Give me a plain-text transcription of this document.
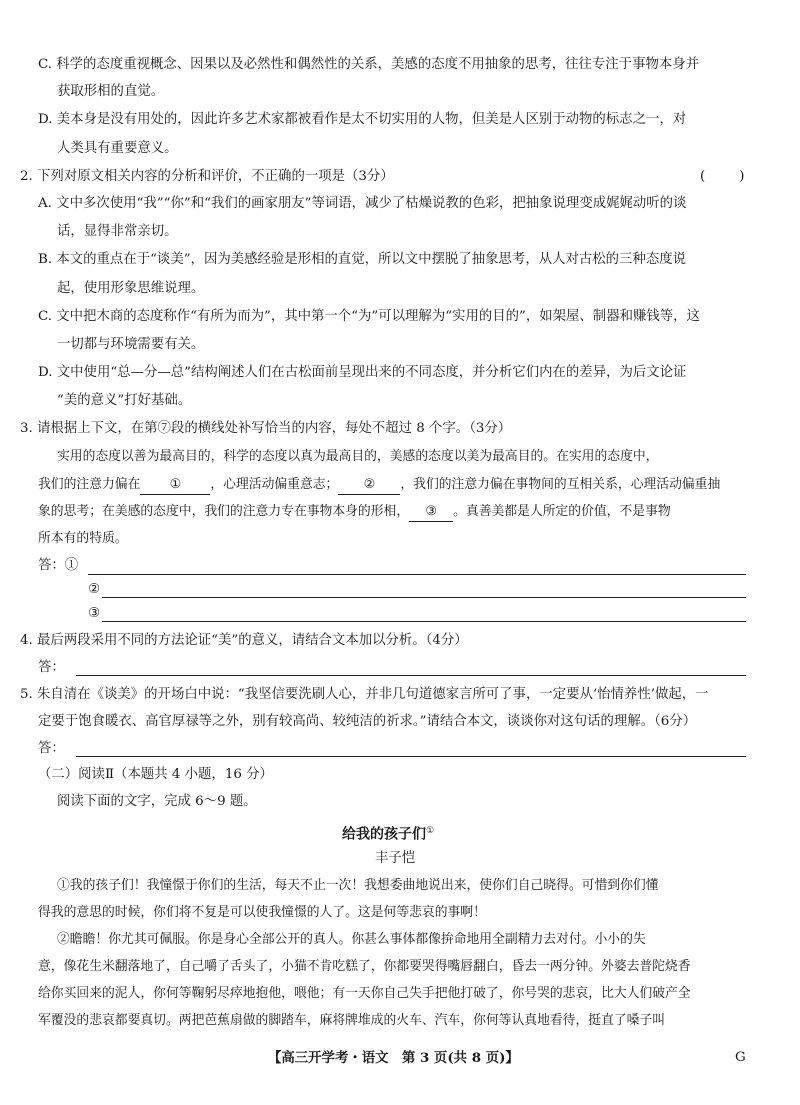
C. 科学的态度重视概念、因果以及必然性和偶然性的关系，美感的态度不用抽象的思考，往往专注于事物本身并
获取形相的直觉。
D. 美本身是没有用处的，因此许多艺术家都被看作是太不切实用的人物，但美是人区别于动物的标志之一，对
人类具有重要意义。
2. 下列对原文相关内容的分析和评价，不正确的一项是（3分）	(        )
A. 文中多次使用“我”“你”和“我们的画家朋友”等词语，减少了枯燥说教的色彩，把抽象说理变成娓娓动听的谈
话，显得非常亲切。
B. 本文的重点在于“谈美”，因为美感经验是形相的直觉，所以文中摆脱了抽象思考，从人对古松的三种态度说
起，使用形象思维说理。
C. 文中把木商的态度称作“有所为而为”，其中第一个“为”可以理解为“实用的目的”，如架屋、制器和赚钱等，这
一切都与环境需要有关。
D. 文中使用“总—分—总”结构阐述人们在古松面前呈现出来的不同态度，并分析它们内在的差异，为后文论证
“美的意义”打好基础。
3. 请根据上下文，在第⑦段的横线处补写恰当的内容，每处不超过 8 个字。（3分）
实用的态度以善为最高目的，科学的态度以真为最高目的，美感的态度以美为最高目的。在实用的态度中，
我们的注意力偏在 ① ，心理活动偏重意志； ② ，我们的注意力偏在事物间的互相关系，心理活动偏重抽
象的思考；在美感的态度中，我们的注意力专在事物本身的形相， ③ 。真善美都是人所定的价值，不是事物
所本有的特质。
答：①
②
③
4. 最后两段采用不同的方法论证“美”的意义，请结合文本加以分析。（4分）
答：
5. 朱自清在《谈美》的开场白中说：“我坚信要洗刷人心，并非几句道德家言所可了事，一定要从‘怡情养性’做起，一
定要于饱食暖衣、高官厚禄等之外，别有较高尚、较纯洁的祈求。”请结合本文，谈谈你对这句话的理解。（6分）
答：
（二）阅读Ⅱ（本题共 4 小题，16 分）
阅读下面的文字，完成 6～9 题。
给我的孩子们①
丰子恺
①我的孩子们！我憧憬于你们的生活，每天不止一次！我想委曲地说出来，使你们自己晓得。可惜到你们懂
得我的意思的时候，你们将不复是可以使我憧憬的人了。这是何等悲哀的事啊！
②瞻瞻！你尤其可佩服。你是身心全部公开的真人。你甚么事体都像拚命地用全副精力去对付。小小的失
意，像花生米翻落地了，自己嚼了舌头了，小猫不肯吃糕了，你都要哭得嘴唇翻白，昏去一两分钟。外婆去普陀烧香
给你买回来的泥人，你何等鞠躬尽瘁地抱他，喂他；有一天你自己失手把他打破了，你号哭的悲哀，比大人们破产全
军覆没的悲哀都要真切。两把芭蕉扇做的脚踏车，麻将牌堆成的火车、汽车，你何等认真地看待，挺直了嗓子叫
【高三开学考・语文　第 3 页(共 8 页)】	G
